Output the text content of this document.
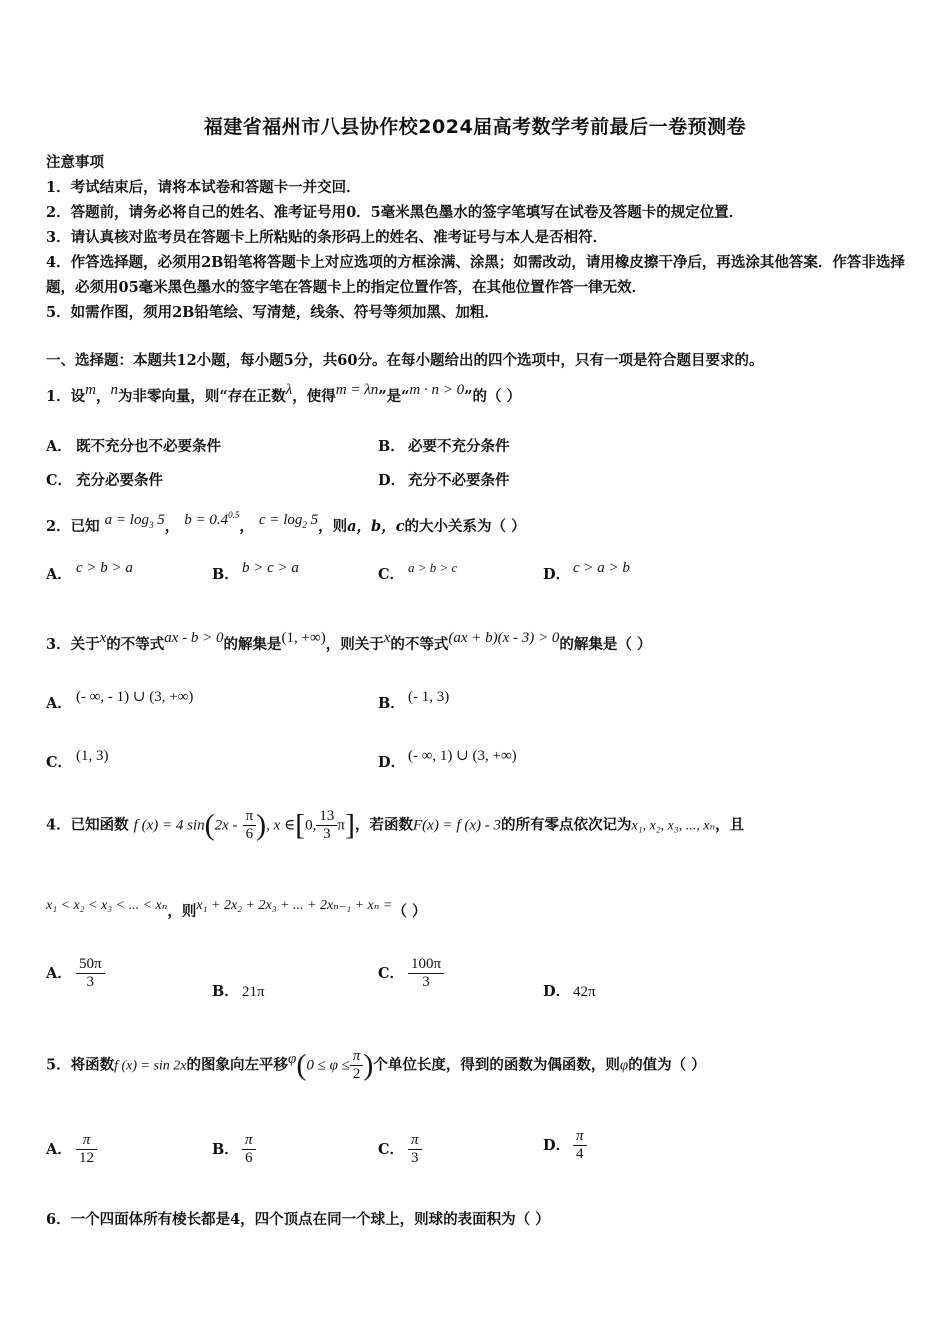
福建省福州市八县协作校2024届高考数学考前最后一卷预测卷
注意事项
1．考试结束后，请将本试卷和答题卡一并交回．
2．答题前，请务必将自己的姓名、准考证号用0．5毫米黑色墨水的签字笔填写在试卷及答题卡的规定位置．
3．请认真核对监考员在答题卡上所粘贴的条形码上的姓名、准考证号与本人是否相符．
4．作答选择题，必须用2B铅笔将答题卡上对应选项的方框涂满、涂黑；如需改动，请用橡皮擦干净后，再选涂其他答案．作答非选择题，必须用05毫米黑色墨水的签字笔在答题卡上的指定位置作答，在其他位置作答一律无效．
5．如需作图，须用2B铅笔绘、写清楚，线条、符号等须加黑、加粗．
一、选择题：本题共12小题，每小题5分，共60分。在每小题给出的四个选项中，只有一项是符合题目要求的。
1．设m，n为非零向量，则“存在正数λ，使得m = λn”是“m · n > 0”的（ ）
A． 既不充分也不必要条件	B． 必要不充分条件
C． 充分必要条件	D． 充分不必要条件
2．已知 $a = \log_3 5$， $b = 0.4^{0.5}$， $c = \log_2 5$，则a，b，c的大小关系为（ ）
A． c > b > a	B． b > c > a	C． a > b > c	D． c > a > b
3．关于x的不等式ax - b > 0的解集是(1, +∞)，则关于x的不等式(ax + b)(x - 3) > 0的解集是（ ）
A． (- ∞, - 1) ∪ (3, +∞)	B． (- 1, 3)
C． (1, 3)	D． (- ∞, 1) ∪ (3, +∞)
4．已知函数 f (x) = 4 $\sin(2x - \frac{\pi}{6}$ ), x ∈[0, $\frac{13}{3} \pi$]，若函数F(x) = f (x) - 3的所有零点依次记为x₁, x₂, x₃, ..., xₙ，且
x₁ < x₂ < x₃ < ... < xₙ，则x₁ + 2x₂ + 2x₃ + ... + 2xₙ₋₁ + xₙ =（ ）
A． $\frac{50\pi}{3}$
B． 21π
C． $\frac{100\pi}{3}$
D． 42π
5．将函数f (x) = sin 2x的图象向左平移$\varphi(0 \le \varphi \le \frac{\pi}{2}$ )个单位长度，得到的函数为偶函数，则φ的值为（ ）
A． $\frac{\pi}{12}$	B． $\frac{\pi}{6}$	C． $\frac{\pi}{3}$	D． $\frac{\pi}{4}$
6．一个四面体所有棱长都是4，四个顶点在同一个球上，则球的表面积为（ ）
